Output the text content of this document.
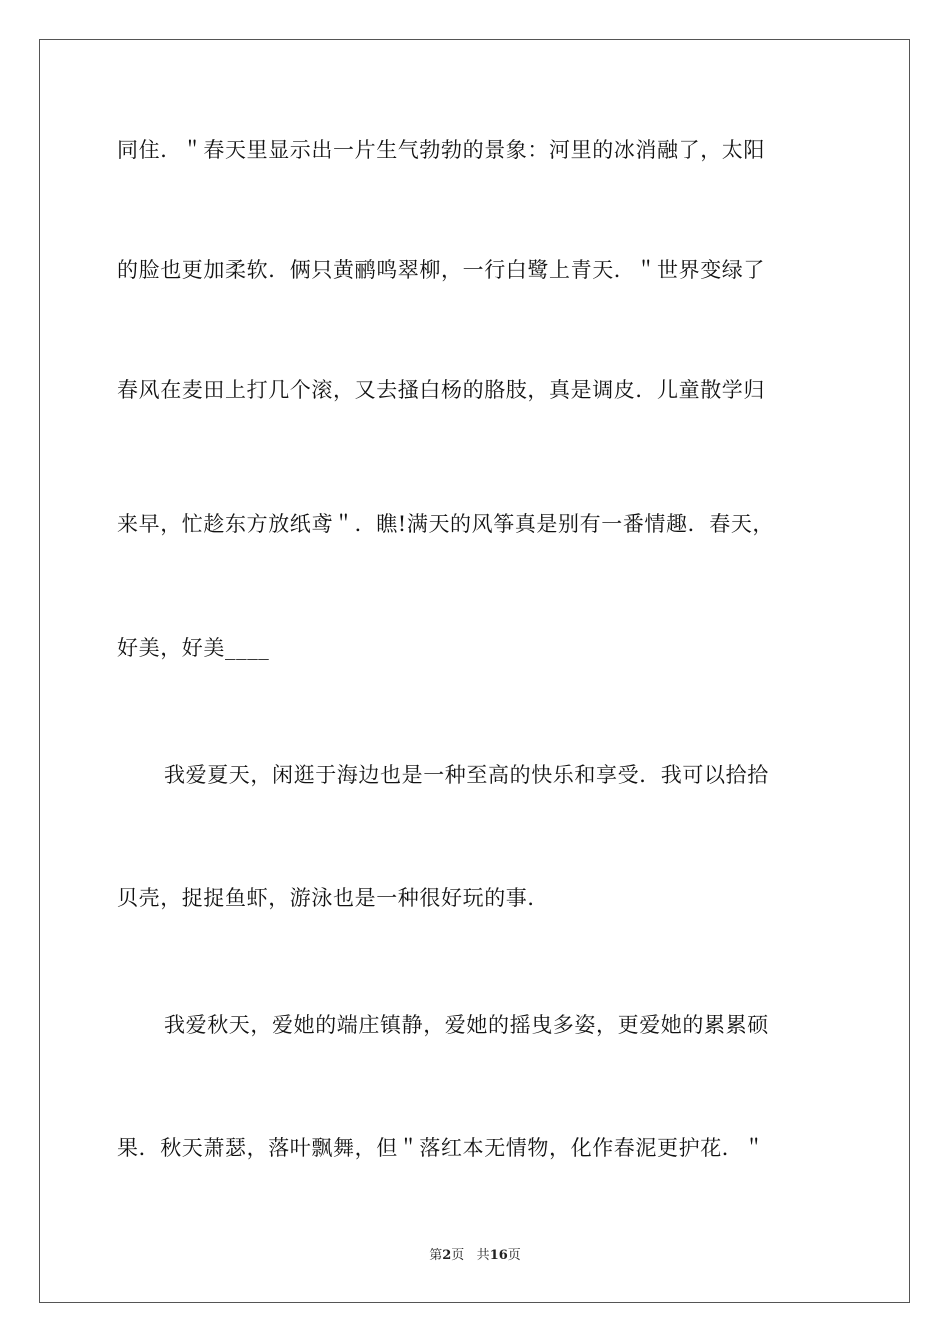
同住．＂春天里显示出一片生气勃勃的景象：河里的冰消融了，太阳
的脸也更加柔软．俩只黄鹂鸣翠柳，一行白鹭上青天．＂世界变绿了
春风在麦田上打几个滚，又去搔白杨的胳肢，真是调皮．儿童散学归
来早，忙趁东方放纸鸢＂．瞧!满天的风筝真是别有一番情趣．春天，
好美，好美____
我爱夏天，闲逛于海边也是一种至高的快乐和享受．我可以拾拾
贝壳，捉捉鱼虾，游泳也是一种很好玩的事．
我爱秋天，爱她的端庄镇静，爱她的摇曳多姿，更爱她的累累硕
果．秋天萧瑟，落叶飘舞，但＂落红本无情物，化作春泥更护花．＂
第2页 共16页
